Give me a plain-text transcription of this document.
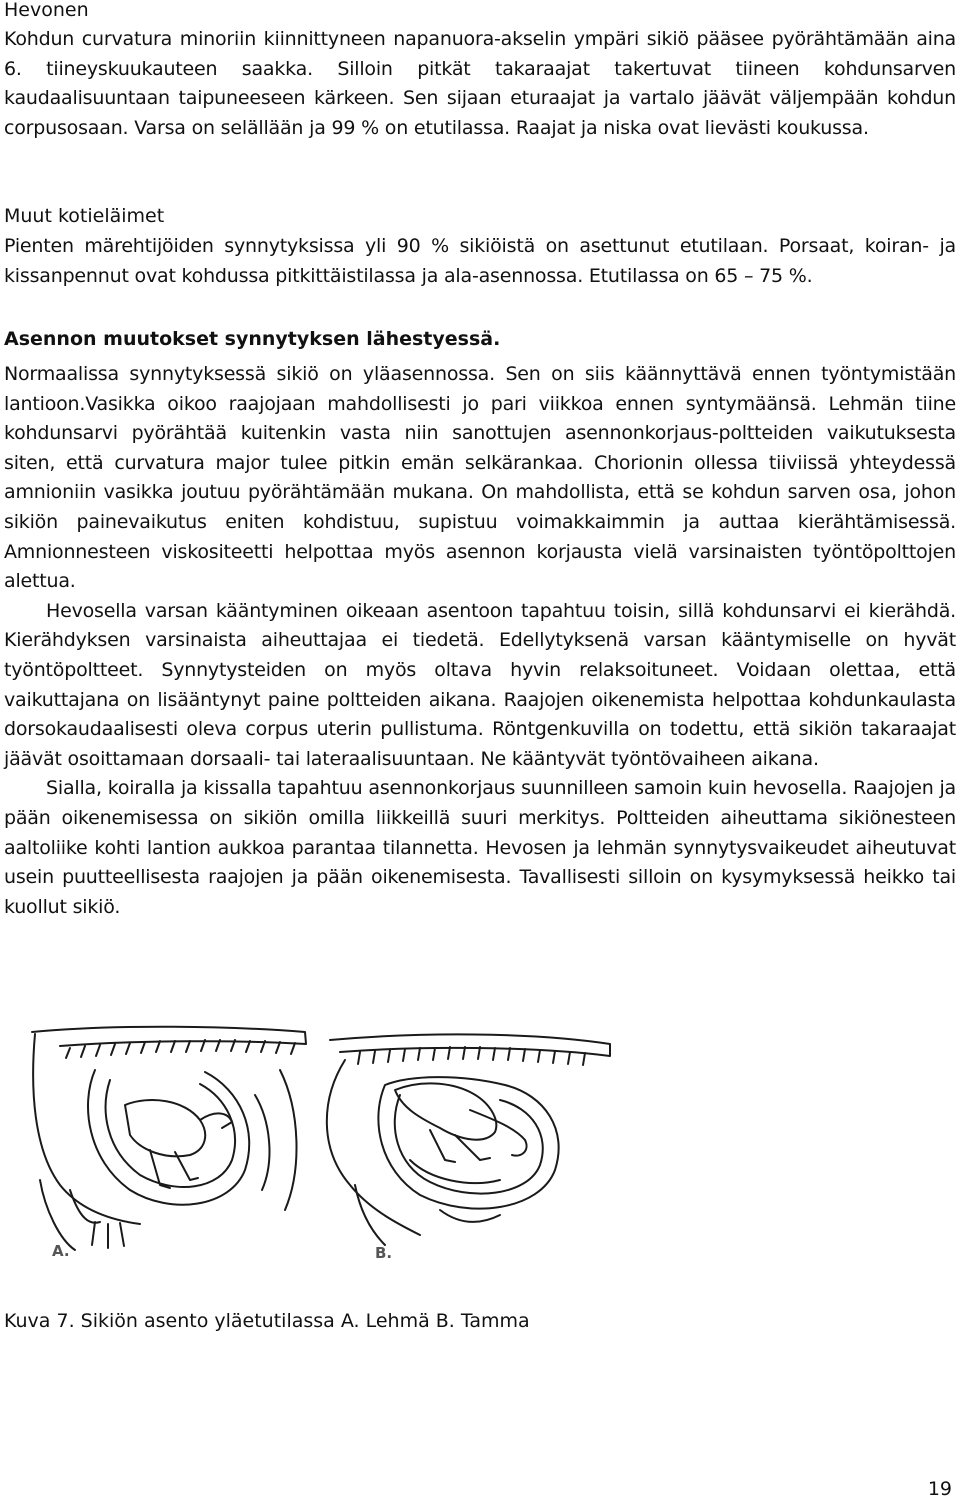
Hevonen

Kohdun curvatura minoriin kiinnittyneen napanuora-akselin ympäri sikiö pääsee pyörähtämään aina 6. tiineyskuukauteen saakka. Silloin pitkät takaraajat takertuvat tiineen kohdunsarven kaudaalisuuntaan taipuneeseen kärkeen. Sen sijaan eturaajat ja vartalo jäävät väljempään kohdun corpusosaan. Varsa on selällään ja 99 % on etutilassa. Raajat ja niska ovat lievästi koukussa.

Muut kotieläimet

Pienten märehtijöiden synnytyksissa yli 90 % sikiöistä on asettunut etutilaan. Porsaat, koiran- ja kissanpennut ovat kohdussa pitkittäistilassa ja ala-asennossa. Etutilassa on 65 – 75 %.

Asennon muutokset synnytyksen lähestyessä.

Normaalissa synnytyksessä sikiö on yläasennossa. Sen on siis käännyttävä ennen työntymistään lantioon.Vasikka oikoo raajojaan mahdollisesti jo pari viikkoa ennen syntymäänsä. Lehmän tiine kohdunsarvi pyörähtää kuitenkin vasta niin sanottujen asennonkorjaus-poltteiden vaikutuksesta siten, että curvatura major tulee pitkin emän selkärankaa. Chorionin ollessa tiiviissä yhteydessä amnioniin vasikka joutuu pyörähtämään mukana. On mahdollista, että se kohdun sarven osa, johon sikiön painevaikutus eniten kohdistuu, supistuu voimakkaimmin ja auttaa kierähtämisessä. Amnionnesteen viskositeetti helpottaa myös asennon korjausta vielä varsinaisten työntöpolttojen alettua.

Hevosella varsan kääntyminen oikeaan asentoon tapahtuu toisin, sillä kohdunsarvi ei kierähdä. Kierähdyksen varsinaista aiheuttajaa ei tiedetä. Edellytyksenä varsan kääntymiselle on hyvät työntöpoltteet. Synnytysteiden on myös oltava hyvin relaksoituneet. Voidaan olettaa, että vaikuttajana on lisääntynyt paine poltteiden aikana. Raajojen oikenemista helpottaa kohdunkaulasta dorsokaudaalisesti oleva corpus uterin pullistuma. Röntgenkuvilla on todettu, että sikiön takaraajat jäävät osoittamaan dorsaali- tai lateraalisuuntaan. Ne kääntyvät työntövaiheen aikana.

Sialla, koiralla ja kissalla tapahtuu asennonkorjaus suunnilleen samoin kuin hevosella. Raajojen ja pään oikenemisessa on sikiön omilla liikkeillä suuri merkitys. Poltteiden aiheuttama sikiönesteen aaltoliike kohti lantion aukkoa parantaa tilannetta. Hevosen ja lehmän synnytysvaikeudet aiheutuvat usein puutteellisesta raajojen ja pään oikenemisesta. Tavallisesti silloin on kysymyksessä heikko tai kuollut sikiö.

A.	B.
Kuva 7. Sikiön asento yläetutilassa A. Lehmä B. Tamma
19
